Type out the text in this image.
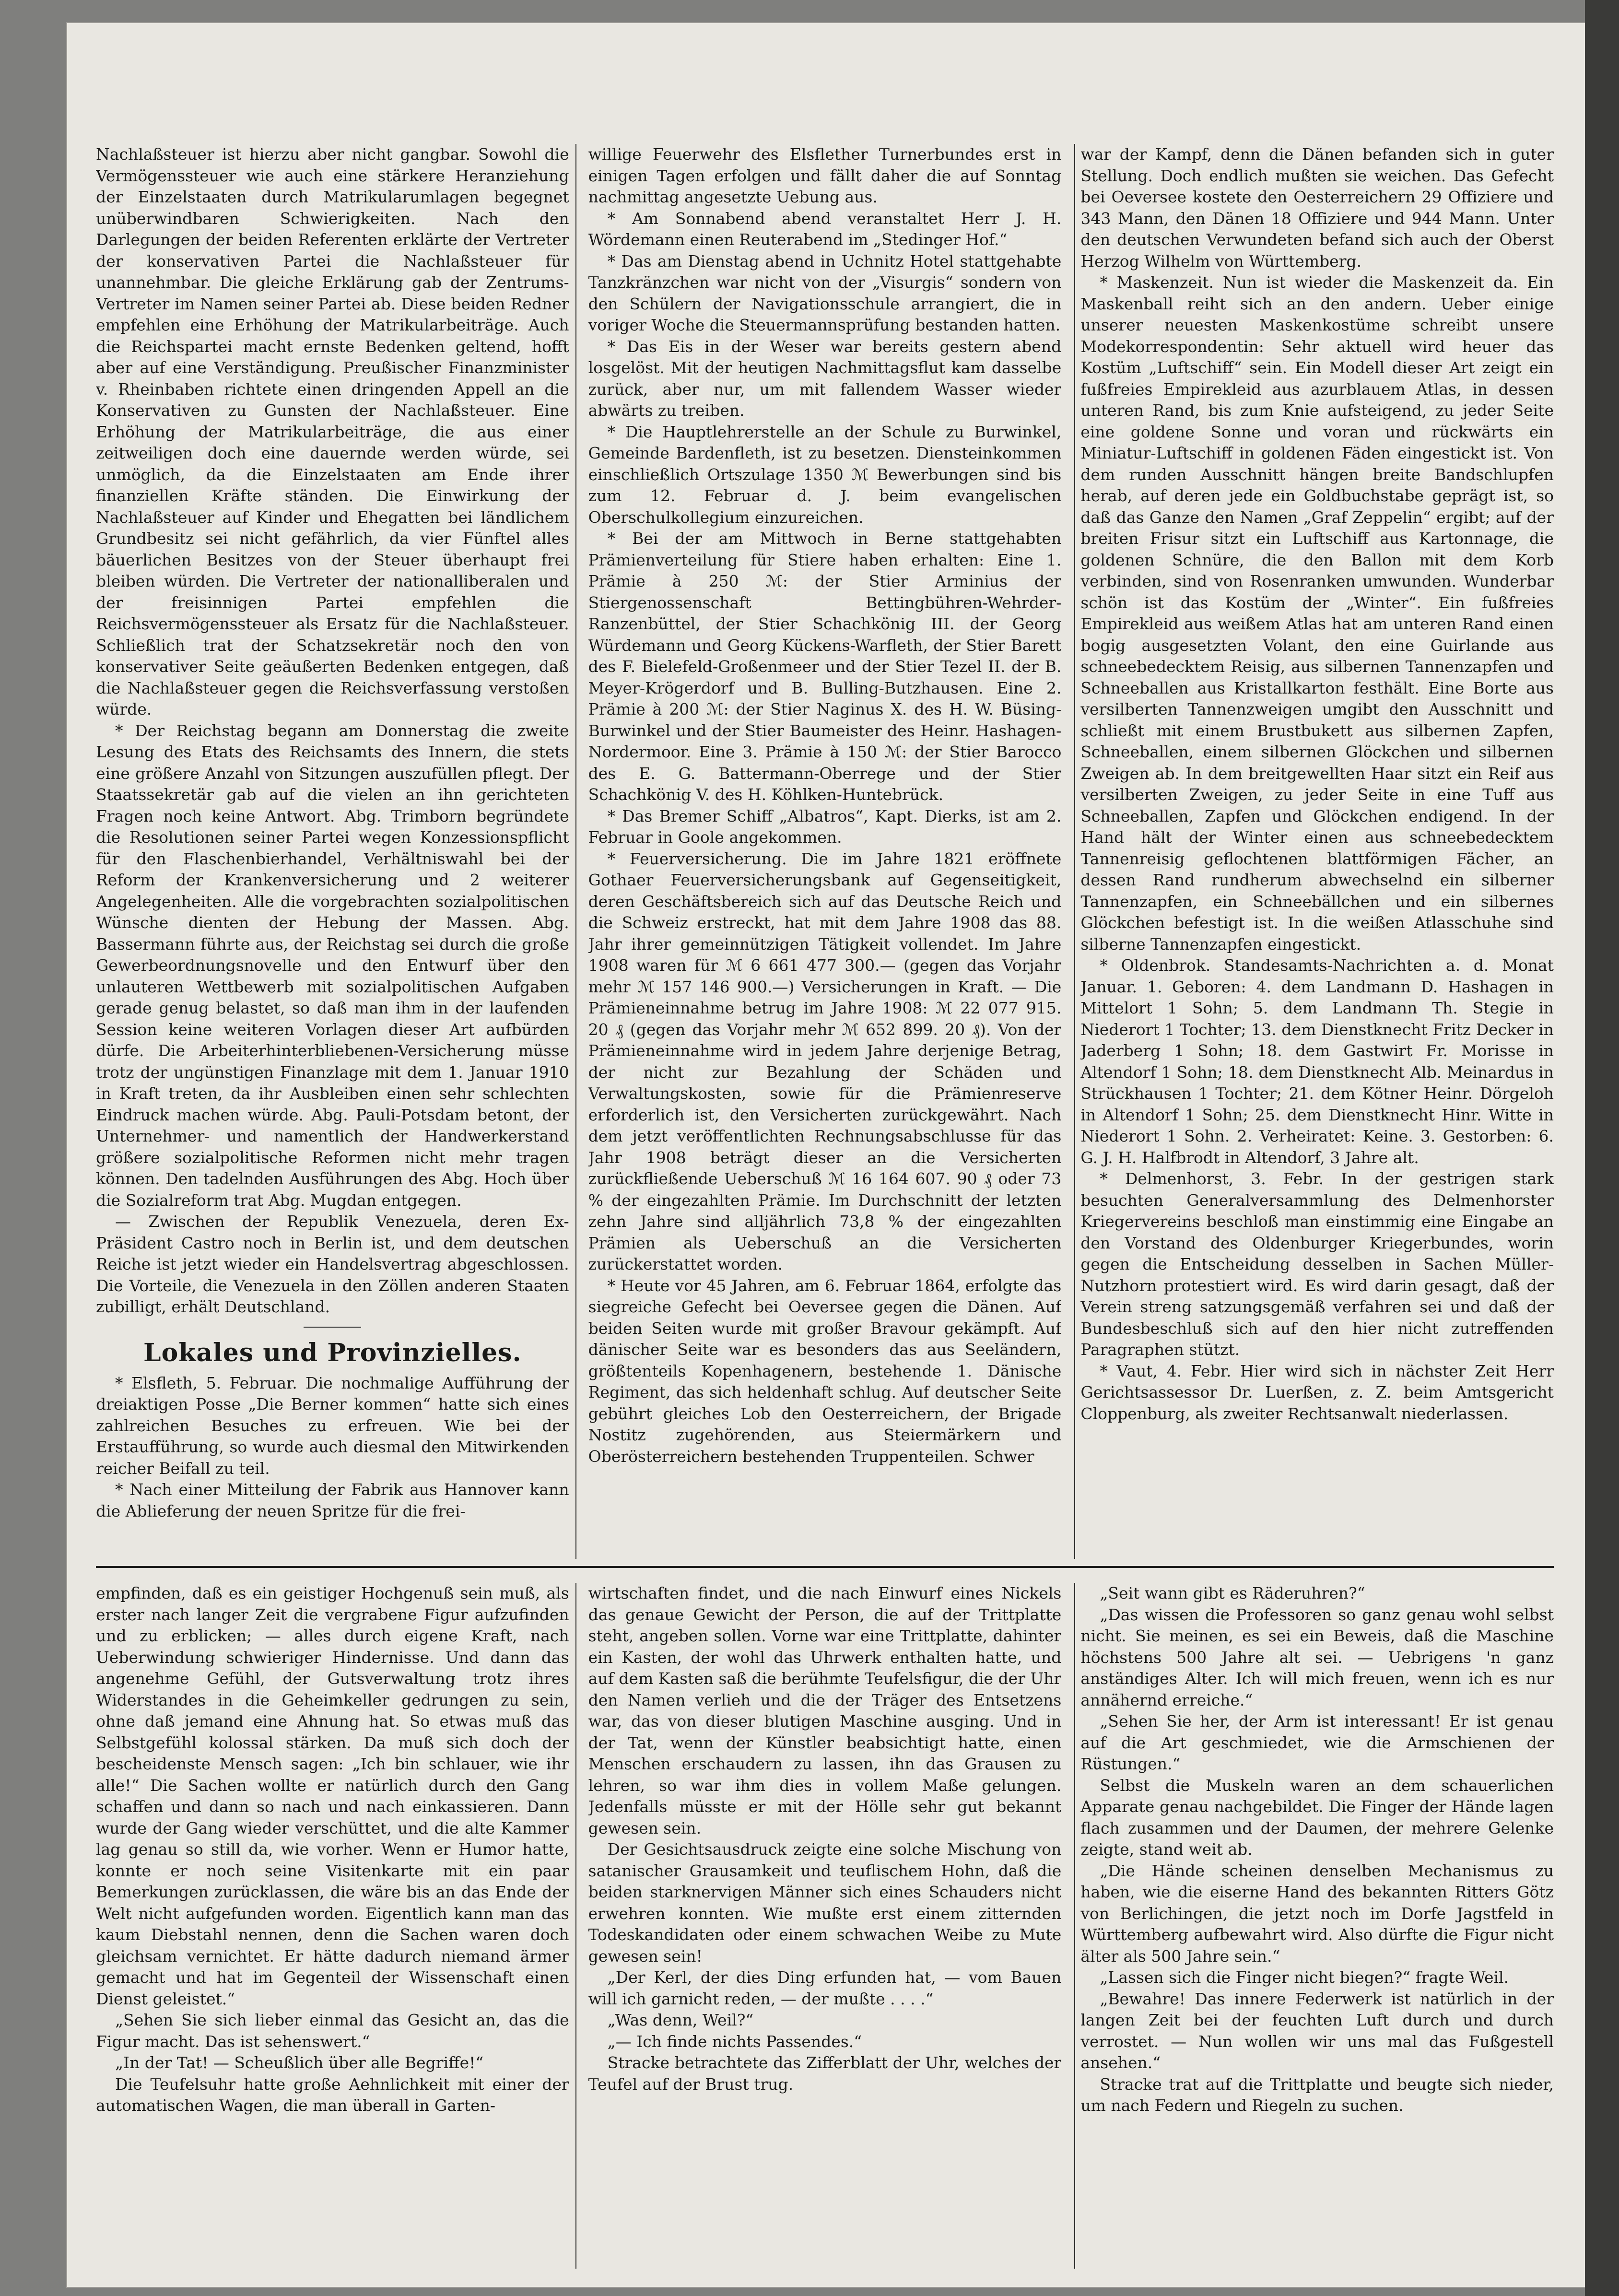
Nachlaßsteuer ist hierzu aber nicht gangbar. Sowohl die Vermögenssteuer wie auch eine stärkere Heranziehung der Einzelstaaten durch Matrikularumlagen begegnet unüberwindbaren Schwierigkeiten. Nach den Darlegungen der beiden Referenten erklärte der Vertreter der konservativen Partei die Nachlaßsteuer für unannehmbar. Die gleiche Erklärung gab der Zentrums-Vertreter im Namen seiner Partei ab. Diese beiden Redner empfehlen eine Erhöhung der Matrikularbeiträge. Auch die Reichspartei macht ernste Bedenken geltend, hofft aber auf eine Verständigung. Preußischer Finanzminister v. Rheinbaben richtete einen dringenden Appell an die Konservativen zu Gunsten der Nachlaßsteuer. Eine Erhöhung der Matrikularbeiträge, die aus einer zeitweiligen doch eine dauernde werden würde, sei unmöglich, da die Einzelstaaten am Ende ihrer finanziellen Kräfte ständen. Die Einwirkung der Nachlaßsteuer auf Kinder und Ehegatten bei ländlichem Grundbesitz sei nicht gefährlich, da vier Fünftel alles bäuerlichen Besitzes von der Steuer überhaupt frei bleiben würden. Die Vertreter der nationalliberalen und der freisinnigen Partei empfehlen die Reichsvermögenssteuer als Ersatz für die Nachlaßsteuer. Schließlich trat der Schatzsekretär noch den von konservativer Seite geäußerten Bedenken entgegen, daß die Nachlaßsteuer gegen die Reichsverfassung verstoßen würde.

* Der Reichstag begann am Donnerstag die zweite Lesung des Etats des Reichsamts des Innern, die stets eine größere Anzahl von Sitzungen auszufüllen pflegt. Der Staatssekretär gab auf die vielen an ihn gerichteten Fragen noch keine Antwort. Abg. Trimborn begründete die Resolutionen seiner Partei wegen Konzessionspflicht für den Flaschenbierhandel, Verhältniswahl bei der Reform der Krankenversicherung und 2 weiterer Angelegenheiten. Alle die vorgebrachten sozialpolitischen Wünsche dienten der Hebung der Massen. Abg. Bassermann führte aus, der Reichstag sei durch die große Gewerbeordnungsnovelle und den Entwurf über den unlauteren Wettbewerb mit sozialpolitischen Aufgaben gerade genug belastet, so daß man ihm in der laufenden Session keine weiteren Vorlagen dieser Art aufbürden dürfe. Die Arbeiterhinterbliebenen-Versicherung müsse trotz der ungünstigen Finanzlage mit dem 1. Januar 1910 in Kraft treten, da ihr Ausbleiben einen sehr schlechten Eindruck machen würde. Abg. Pauli-Potsdam betont, der Unternehmer- und namentlich der Handwerkerstand größere sozialpolitische Reformen nicht mehr tragen können. Den tadelnden Ausführungen des Abg. Hoch über die Sozialreform trat Abg. Mugdan entgegen.

— Zwischen der Republik Venezuela, deren Ex-Präsident Castro noch in Berlin ist, und dem deutschen Reiche ist jetzt wieder ein Handelsvertrag abgeschlossen. Die Vorteile, die Venezuela in den Zöllen anderen Staaten zubilligt, erhält Deutschland.

Lokales und Provinzielles.

* Elsfleth, 5. Februar. Die nochmalige Aufführung der dreiaktigen Posse „Die Berner kommen“ hatte sich eines zahlreichen Besuches zu erfreuen. Wie bei der Erstaufführung, so wurde auch diesmal den Mitwirkenden reicher Beifall zu teil.

* Nach einer Mitteilung der Fabrik aus Hannover kann die Ablieferung der neuen Spritze für die frei-

willige Feuerwehr des Elsflether Turnerbundes erst in einigen Tagen erfolgen und fällt daher die auf Sonntag nachmittag angesetzte Uebung aus.

* Am Sonnabend abend veranstaltet Herr J. H. Wördemann einen Reuterabend im „Stedinger Hof.“

* Das am Dienstag abend in Uchnitz Hotel stattgehabte Tanzkränzchen war nicht von der „Visurgis“ sondern von den Schülern der Navigationsschule arrangiert, die in voriger Woche die Steuermannsprüfung bestanden hatten.

* Das Eis in der Weser war bereits gestern abend losgelöst. Mit der heutigen Nachmittagsflut kam dasselbe zurück, aber nur, um mit fallendem Wasser wieder abwärts zu treiben.

* Die Hauptlehrerstelle an der Schule zu Burwinkel, Gemeinde Bardenfleth, ist zu besetzen. Diensteinkommen einschließlich Ortszulage 1350 ℳ Bewerbungen sind bis zum 12. Februar d. J. beim evangelischen Oberschulkollegium einzureichen.

* Bei der am Mittwoch in Berne stattgehabten Prämienverteilung für Stiere haben erhalten: Eine 1. Prämie à 250 ℳ: der Stier Arminius der Stiergenossenschaft Bettingbühren-Wehrder-Ranzenbüttel, der Stier Schachkönig III. der Georg Würdemann und Georg Kückens-Warfleth, der Stier Barett des F. Bielefeld-Großenmeer und der Stier Tezel II. der B. Meyer-Krögerdorf und B. Bulling-Butzhausen. Eine 2. Prämie à 200 ℳ: der Stier Naginus X. des H. W. Büsing-Burwinkel und der Stier Baumeister des Heinr. Hashagen-Nordermoor. Eine 3. Prämie à 150 ℳ: der Stier Barocco des E. G. Battermann-Oberrege und der Stier Schachkönig V. des H. Köhlken-Huntebrück.

* Das Bremer Schiff „Albatros“, Kapt. Dierks, ist am 2. Februar in Goole angekommen.

* Feuerversicherung. Die im Jahre 1821 eröffnete Gothaer Feuerversicherungsbank auf Gegenseitigkeit, deren Geschäftsbereich sich auf das Deutsche Reich und die Schweiz erstreckt, hat mit dem Jahre 1908 das 88. Jahr ihrer gemeinnützigen Tätigkeit vollendet. Im Jahre 1908 waren für ℳ 6 661 477 300.— (gegen das Vorjahr mehr ℳ 157 146 900.—) Versicherungen in Kraft. — Die Prämieneinnahme betrug im Jahre 1908: ℳ 22 077 915. 20 ₰ (gegen das Vorjahr mehr ℳ 652 899. 20 ₰). Von der Prämieneinnahme wird in jedem Jahre derjenige Betrag, der nicht zur Bezahlung der Schäden und Verwaltungskosten, sowie für die Prämienreserve erforderlich ist, den Versicherten zurückgewährt. Nach dem jetzt veröffentlichten Rechnungsabschlusse für das Jahr 1908 beträgt dieser an die Versicherten zurückfließende Ueberschuß ℳ 16 164 607. 90 ₰ oder 73 % der eingezahlten Prämie. Im Durchschnitt der letzten zehn Jahre sind alljährlich 73,8 % der eingezahlten Prämien als Ueberschuß an die Versicherten zurückerstattet worden.

* Heute vor 45 Jahren, am 6. Februar 1864, erfolgte das siegreiche Gefecht bei Oeversee gegen die Dänen. Auf beiden Seiten wurde mit großer Bravour gekämpft. Auf dänischer Seite war es besonders das aus Seeländern, größtenteils Kopenhagenern, bestehende 1. Dänische Regiment, das sich heldenhaft schlug. Auf deutscher Seite gebührt gleiches Lob den Oesterreichern, der Brigade Nostitz zugehörenden, aus Steiermärkern und Oberösterreichern bestehenden Truppenteilen. Schwer

war der Kampf, denn die Dänen befanden sich in guter Stellung. Doch endlich mußten sie weichen. Das Gefecht bei Oeversee kostete den Oesterreichern 29 Offiziere und 343 Mann, den Dänen 18 Offiziere und 944 Mann. Unter den deutschen Verwundeten befand sich auch der Oberst Herzog Wilhelm von Württemberg.

* Maskenzeit. Nun ist wieder die Maskenzeit da. Ein Maskenball reiht sich an den andern. Ueber einige unserer neuesten Maskenkostüme schreibt unsere Modekorrespondentin: Sehr aktuell wird heuer das Kostüm „Luftschiff“ sein. Ein Modell dieser Art zeigt ein fußfreies Empirekleid aus azurblauem Atlas, in dessen unteren Rand, bis zum Knie aufsteigend, zu jeder Seite eine goldene Sonne und voran und rückwärts ein Miniatur-Luftschiff in goldenen Fäden eingestickt ist. Von dem runden Ausschnitt hängen breite Bandschlupfen herab, auf deren jede ein Goldbuchstabe geprägt ist, so daß das Ganze den Namen „Graf Zeppelin“ ergibt; auf der breiten Frisur sitzt ein Luftschiff aus Kartonnage, die goldenen Schnüre, die den Ballon mit dem Korb verbinden, sind von Rosenranken umwunden. Wunderbar schön ist das Kostüm der „Winter“. Ein fußfreies Empirekleid aus weißem Atlas hat am unteren Rand einen bogig ausgesetzten Volant, den eine Guirlande aus schneebedecktem Reisig, aus silbernen Tannenzapfen und Schneeballen aus Kristallkarton festhält. Eine Borte aus versilberten Tannenzweigen umgibt den Ausschnitt und schließt mit einem Brustbukett aus silbernen Zapfen, Schneeballen, einem silbernen Glöckchen und silbernen Zweigen ab. In dem breitgewellten Haar sitzt ein Reif aus versilberten Zweigen, zu jeder Seite in eine Tuff aus Schneeballen, Zapfen und Glöckchen endigend. In der Hand hält der Winter einen aus schneebedecktem Tannenreisig geflochtenen blattförmigen Fächer, an dessen Rand rundherum abwechselnd ein silberner Tannenzapfen, ein Schneebällchen und ein silbernes Glöckchen befestigt ist. In die weißen Atlasschuhe sind silberne Tannenzapfen eingestickt.

* Oldenbrok. Standesamts-Nachrichten a. d. Monat Januar. 1. Geboren: 4. dem Landmann D. Hashagen in Mittelort 1 Sohn; 5. dem Landmann Th. Stegie in Niederort 1 Tochter; 13. dem Dienstknecht Fritz Decker in Jaderberg 1 Sohn; 18. dem Gastwirt Fr. Morisse in Altendorf 1 Sohn; 18. dem Dienstknecht Alb. Meinardus in Strückhausen 1 Tochter; 21. dem Kötner Heinr. Dörgeloh in Altendorf 1 Sohn; 25. dem Dienstknecht Hinr. Witte in Niederort 1 Sohn. 2. Verheiratet: Keine. 3. Gestorben: 6. G. J. H. Halfbrodt in Altendorf, 3 Jahre alt.

* Delmenhorst, 3. Febr. In der gestrigen stark besuchten Generalversammlung des Delmenhorster Kriegervereins beschloß man einstimmig eine Eingabe an den Vorstand des Oldenburger Kriegerbundes, worin gegen die Entscheidung desselben in Sachen Müller-Nutzhorn protestiert wird. Es wird darin gesagt, daß der Verein streng satzungsgemäß verfahren sei und daß der Bundesbeschluß sich auf den hier nicht zutreffenden Paragraphen stützt.

* Vaut, 4. Febr. Hier wird sich in nächster Zeit Herr Gerichtsassessor Dr. Luerßen, z. Z. beim Amtsgericht Cloppenburg, als zweiter Rechtsanwalt niederlassen.

empfinden, daß es ein geistiger Hochgenuß sein muß, als erster nach langer Zeit die vergrabene Figur aufzufinden und zu erblicken; — alles durch eigene Kraft, nach Ueberwindung schwieriger Hindernisse. Und dann das angenehme Gefühl, der Gutsverwaltung trotz ihres Widerstandes in die Geheimkeller gedrungen zu sein, ohne daß jemand eine Ahnung hat. So etwas muß das Selbstgefühl kolossal stärken. Da muß sich doch der bescheidenste Mensch sagen: „Ich bin schlauer, wie ihr alle!“ Die Sachen wollte er natürlich durch den Gang schaffen und dann so nach und nach einkassieren. Dann wurde der Gang wieder verschüttet, und die alte Kammer lag genau so still da, wie vorher. Wenn er Humor hatte, konnte er noch seine Visitenkarte mit ein paar Bemerkungen zurücklassen, die wäre bis an das Ende der Welt nicht aufgefunden worden. Eigentlich kann man das kaum Diebstahl nennen, denn die Sachen waren doch gleichsam vernichtet. Er hätte dadurch niemand ärmer gemacht und hat im Gegenteil der Wissenschaft einen Dienst geleistet.“

„Sehen Sie sich lieber einmal das Gesicht an, das die Figur macht. Das ist sehenswert.“

„In der Tat! — Scheußlich über alle Begriffe!“

Die Teufelsuhr hatte große Aehnlichkeit mit einer der automatischen Wagen, die man überall in Garten-

wirtschaften findet, und die nach Einwurf eines Nickels das genaue Gewicht der Person, die auf der Trittplatte steht, angeben sollen. Vorne war eine Trittplatte, dahinter ein Kasten, der wohl das Uhrwerk enthalten hatte, und auf dem Kasten saß die berühmte Teufelsfigur, die der Uhr den Namen verlieh und die der Träger des Entsetzens war, das von dieser blutigen Maschine ausging. Und in der Tat, wenn der Künstler beabsichtigt hatte, einen Menschen erschaudern zu lassen, ihn das Grausen zu lehren, so war ihm dies in vollem Maße gelungen. Jedenfalls müsste er mit der Hölle sehr gut bekannt gewesen sein.

Der Gesichtsausdruck zeigte eine solche Mischung von satanischer Grausamkeit und teuflischem Hohn, daß die beiden starknervigen Männer sich eines Schauders nicht erwehren konnten. Wie mußte erst einem zitternden Todeskandidaten oder einem schwachen Weibe zu Mute gewesen sein!

„Der Kerl, der dies Ding erfunden hat, — vom Bauen will ich garnicht reden, — der mußte . . . .“

„Was denn, Weil?“

„— Ich finde nichts Passendes.“

Stracke betrachtete das Zifferblatt der Uhr, welches der Teufel auf der Brust trug.

„Seit wann gibt es Räderuhren?“

„Das wissen die Professoren so ganz genau wohl selbst nicht. Sie meinen, es sei ein Beweis, daß die Maschine höchstens 500 Jahre alt sei. — Uebrigens 'n ganz anständiges Alter. Ich will mich freuen, wenn ich es nur annähernd erreiche.“

„Sehen Sie her, der Arm ist interessant! Er ist genau auf die Art geschmiedet, wie die Armschienen der Rüstungen.“

Selbst die Muskeln waren an dem schauerlichen Apparate genau nachgebildet. Die Finger der Hände lagen flach zusammen und der Daumen, der mehrere Gelenke zeigte, stand weit ab.

„Die Hände scheinen denselben Mechanismus zu haben, wie die eiserne Hand des bekannten Ritters Götz von Berlichingen, die jetzt noch im Dorfe Jagstfeld in Württemberg aufbewahrt wird. Also dürfte die Figur nicht älter als 500 Jahre sein.“

„Lassen sich die Finger nicht biegen?“ fragte Weil.

„Bewahre! Das innere Federwerk ist natürlich in der langen Zeit bei der feuchten Luft durch und durch verrostet. — Nun wollen wir uns mal das Fußgestell ansehen.“

Stracke trat auf die Trittplatte und beugte sich nieder, um nach Federn und Riegeln zu suchen.
